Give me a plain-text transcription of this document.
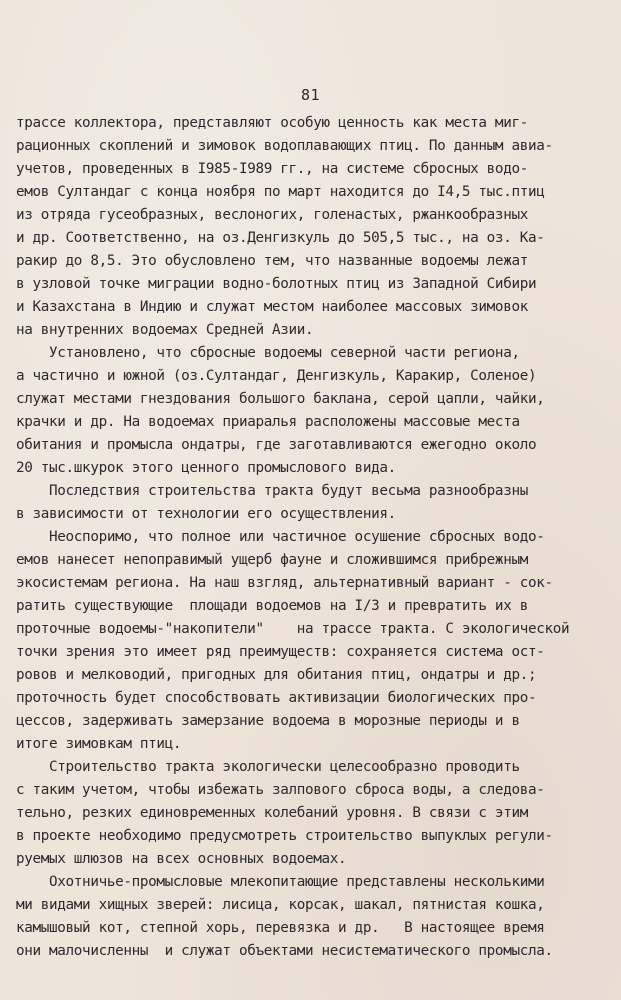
81
трассе коллектора, представляют особую ценность как места миг-
рационных скоплений и зимовок водоплавающих птиц. По данным авиа-
учетов, проведенных в I985-I989 гг., на системе сбросных водо-
емов Султандаг с конца ноября по март находится до I4,5 тыс.птиц
из отряда гусеобразных, веслоногих, голенастых, ржанкообразных
и др. Соответственно, на оз.Денгизкуль до 505,5 тыс., на оз. Ка-
ракир до 8,5. Это обусловлено тем, что названные водоемы лежат
в узловой точке миграции водно-болотных птиц из Западной Сибири
и Казахстана в Индию и служат местом наиболее массовых зимовок
на внутренних водоемах Средней Азии.
Установлено, что сбросные водоемы северной части региона,
а частично и южной (оз.Султандаг, Денгизкуль, Каракир, Соленое)
служат местами гнездования большого баклана, серой цапли, чайки,
крачки и др. На водоемах приаралья расположены массовые места
обитания и промысла ондатры, где заготавливаются ежегодно около
20 тыс.шкурок этого ценного промыслового вида.
Последствия строительства тракта будут весьма разнообразны
в зависимости от технологии его осуществления.
Неоспоримо, что полное или частичное осушение сбросных водо-
емов нанесет непоправимый ущерб фауне и сложившимся прибрежным
экосистемам региона. На наш взгляд, альтернативный вариант - сок-
ратить существующие  площади водоемов на I/3 и превратить их в
проточные водоемы-"накопители"    на трассе тракта. С экологической
точки зрения это имеет ряд преимуществ: сохраняется система ост-
ровов и мелководий, пригодных для обитания птиц, ондатры и др.;
проточность будет способствовать активизации биологических про-
цессов, задерживать замерзание водоема в морозные периоды и в
итоге зимовкам птиц.
Строительство тракта экологически целесообразно проводить
с таким учетом, чтобы избежать залпового сброса воды, а следова-
тельно, резких единовременных колебаний уровня. В связи с этим
в проекте необходимо предусмотреть строительство выпуклых регули-
руемых шлюзов на всех основных водоемах.
Охотничье-промысловые млекопитающие представлены несколькими
ми видами хищных зверей: лисица, корсак, шакал, пятнистая кошка,
камышовый кот, степной хорь, перевязка и др.   В настоящее время
они малочисленны  и служат объектами несистематического промысла.
